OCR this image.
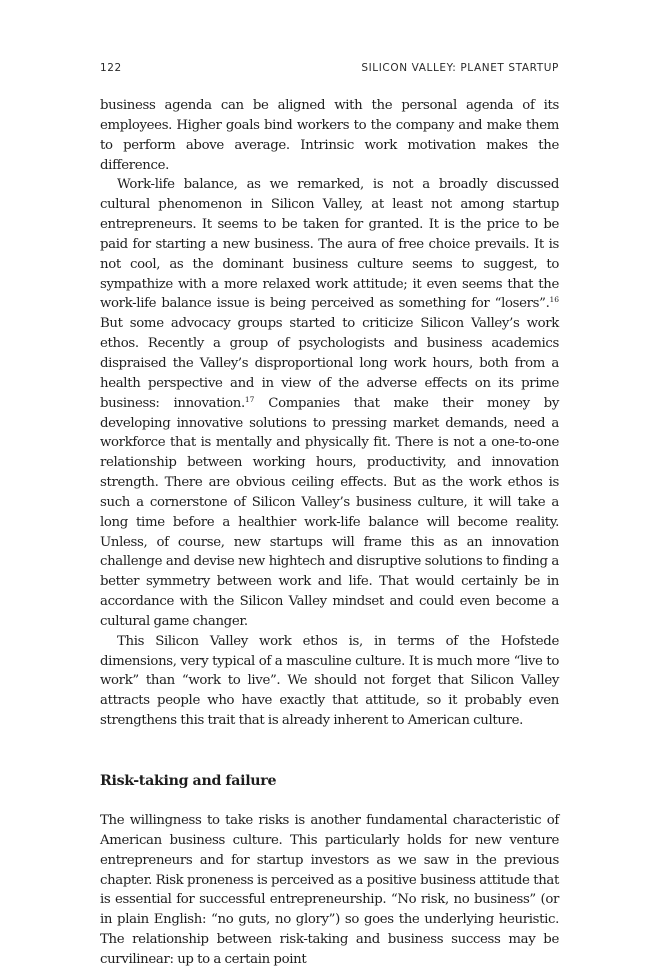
122	SILICON VALLEY: PLANET STARTUP

business agenda can be aligned with the personal agenda of its employees. Higher goals bind workers to the company and make them to perform above average. Intrinsic work motivation makes the difference.

Work-life balance, as we remarked, is not a broadly discussed cultural phenomenon in Silicon Valley, at least not among startup entrepreneurs. It seems to be taken for granted. It is the price to be paid for starting a new business. The aura of free choice prevails. It is not cool, as the dominant business culture seems to suggest, to sympathize with a more relaxed work attitude; it even seems that the work-life balance issue is being perceived as something for “losers”.$^{16}$ But some advocacy groups started to criticize Silicon Valley’s work ethos. Recently a group of psychologists and business academics dispraised the Valley’s disproportional long work hours, both from a health perspective and in view of the adverse effects on its prime business: innovation.$^{17}$ Companies that make their money by developing innovative solutions to pressing market demands, need a workforce that is mentally and physically fit. There is not a one-to-one relationship between working hours, productivity, and innovation strength. There are obvious ceiling effects. But as the work ethos is such a cornerstone of Silicon Valley’s business culture, it will take a long time before a healthier work-life balance will become reality. Unless, of course, new startups will frame this as an innovation challenge and devise new hightech and disruptive solutions to finding a better symmetry between work and life. That would certainly be in accordance with the Silicon Valley mindset and could even become a cultural game changer.

This Silicon Valley work ethos is, in terms of the Hofstede dimensions, very typical of a masculine culture. It is much more “live to work” than “work to live”. We should not forget that Silicon Valley attracts people who have exactly that attitude, so it probably even strengthens this trait that is already inherent to American culture.

Risk-taking and failure

The willingness to take risks is another fundamental characteristic of American business culture. This particularly holds for new venture entrepreneurs and for startup investors as we saw in the previous chapter. Risk proneness is perceived as a positive business attitude that is essential for successful entrepreneurship. “No risk, no business” (or in plain English: “no guts, no glory”) so goes the underlying heuristic. The relationship between risk-taking and business success may be curvilinear: up to a certain point
